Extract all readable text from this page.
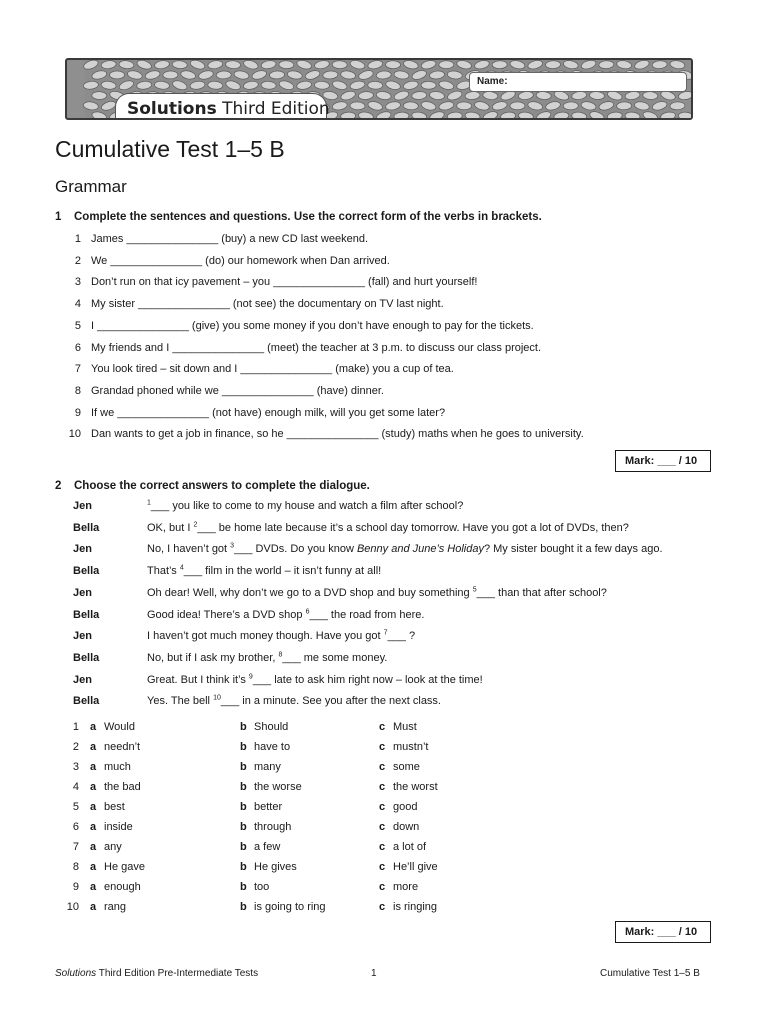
Name:
Solutions Third Edition
Cumulative Test 1–5 B
Grammar
1 Complete the sentences and questions. Use the correct form of the verbs in brackets.
1 James _______________ (buy) a new CD last weekend.
2 We _______________ (do) our homework when Dan arrived.
3 Don’t run on that icy pavement – you _______________ (fall) and hurt yourself!
4 My sister _______________ (not see) the documentary on TV last night.
5 I _______________ (give) you some money if you don’t have enough to pay for the tickets.
6 My friends and I _______________ (meet) the teacher at 3 p.m. to discuss our class project.
7 You look tired – sit down and I _______________ (make) you a cup of tea.
8 Grandad phoned while we _______________ (have) dinner.
9 If we _______________ (not have) enough milk, will you get some later?
10 Dan wants to get a job in finance, so he _______________ (study) maths when he goes to university.
Mark: ___ / 10
2 Choose the correct answers to complete the dialogue.
Jen	$^1$___ you like to come to my house and watch a film after school?
Bella	OK, but I $^2$___ be home late because it’s a school day tomorrow. Have you got a lot of DVDs, then?
Jen	No, I haven’t got $^3$___ DVDs. Do you know Benny and June’s Holiday? My sister bought it a few days ago.
Bella	That’s $^4$___ film in the world – it isn’t funny at all!
Jen	Oh dear! Well, why don’t we go to a DVD shop and buy something $^5$___ than that after school?
Bella	Good idea! There’s a DVD shop $^6$___ the road from here.
Jen	I haven’t got much money though. Have you got $^7$___ ?
Bella	No, but if I ask my brother, $^8$___ me some money.
Jen	Great. But I think it’s $^9$___ late to ask him right now – look at the time!
Bella	Yes. The bell $^{10}$___ in a minute. See you after the next class.
1 a Would	b Should	c Must
2 a needn’t	b have to	c mustn’t
3 a much	b many	c some
4 a the bad	b the worse	c the worst
5 a best	b better	c good
6 a inside	b through	c down
7 a any	b a few	c a lot of
8 a He gave	b He gives	c He’ll give
9 a enough	b too	c more
10 a rang	b is going to ring	c is ringing
Mark: ___ / 10
Solutions Third Edition Pre-Intermediate Tests	1	Cumulative Test 1–5 B
